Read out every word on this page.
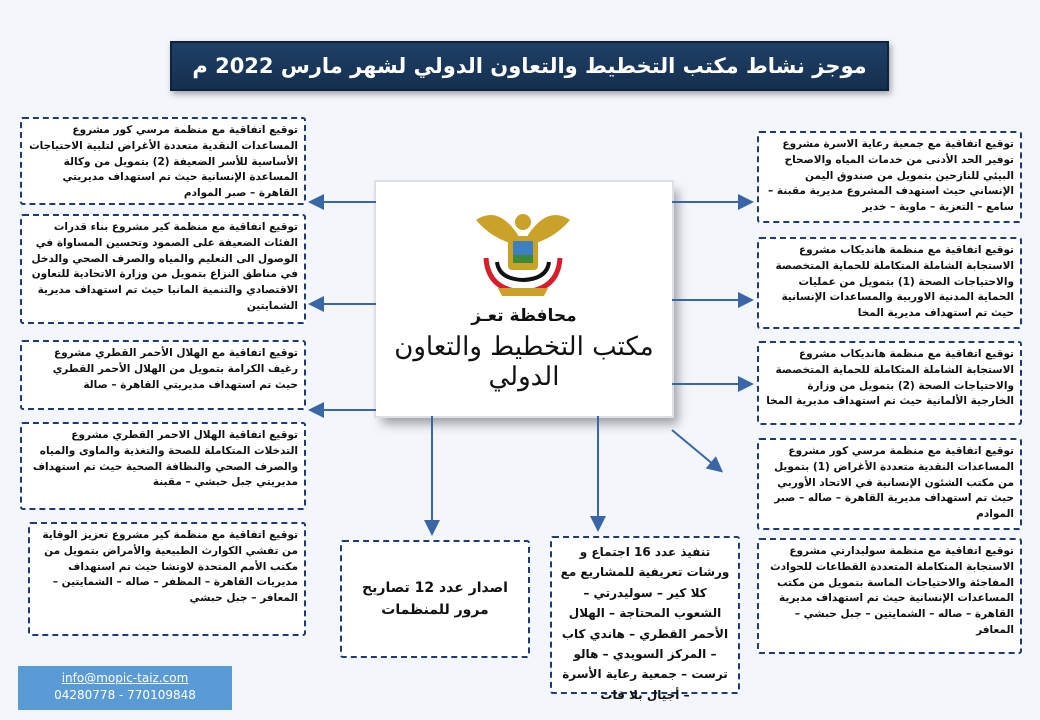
موجز نشاط مكتب التخطيط والتعاون الدولي لشهر مارس 2022 م
توقيع اتفاقية مع منظمة مرسي كور مشروع المساعدات النقدية متعددة الأغراض لتلبية الاحتياجات الأساسية للأسر الضعيفة (2) بتمويل من وكالة المساعدة الإنسانية حيث تم استهداف مديريتي القاهرة – صبر الموادم
توقيع اتفاقية مع منظمة كير مشروع بناء قدرات الفئات الضعيفة على الصمود وتحسين المساواة في الوصول الى التعليم والمياه والصرف الصحي والدخل في مناطق النزاع بتمويل من وزارة الاتحادية للتعاون الاقتصادي والتنمية المانيا حيث تم استهداف مديرية الشمايتين
توقيع اتفاقية مع الهلال الأحمر القطري مشروع رغيف الكرامة بتمويل من الهلال الأحمر القطري حيث تم استهداف مديريتي القاهرة – صالة
توقيع اتفاقية الهلال الاحمر القطري مشروع التدخلات المتكاملة للصحة والتغذية والماوى والمياه والصرف الصحي والنظافة الصحية حيث تم استهداف مديريتي جبل حبشي – مقبنة
توقيع اتفاقية مع منظمة كير مشروع تعزيز الوقاية من تفشي الكوارث الطبيعية والأمراض بتمويل من مكتب الأمم المتحدة لاوتشا حيث تم استهداف مديريات القاهرة – المظفر – صاله – الشمايتين – المعافر – جبل حبشي
توقيع اتفاقية مع جمعية رعاية الاسرة مشروع توفير الحد الأدنى من خدمات المياه والاصحاح البيئي للنازحين بتمويل من صندوق اليمن الإنساني حيث استهدف المشروع مديرية مقبنة – سامع – التعزية – ماوية – خدير
توقيع اتفاقية مع منظمة هانديكاب مشروع الاستجابة الشاملة المتكاملة للحماية المتخصصة والاحتياجات الصحة (1) بتمويل من عمليات الحماية المدنية الاوربية والمساعدات الإنسانية حيث تم استهداف مديرية المخا
توقيع اتفاقية مع منظمة هانديكاب مشروع الاستجابة الشاملة المتكاملة للحماية المتخصصة والاحتياجات الصحة (2) بتمويل من وزارة الخارجية الألمانية حيث تم استهداف مديرية المخا
توقيع اتفاقية مع منظمة مرسي كور مشروع المساعدات النقدية متعددة الأغراض (1) بتمويل من مكتب الشئون الإنسانية في الاتحاد الأوربي حيث تم استهداف مديرية القاهرة – صاله – صبر الموادم
توقيع اتفاقية مع منظمة سوليدارتي مشروع الاستجابة المتكاملة المتعددة القطاعات للحوادث المفاجئة والاحتياجات الماسة بتمويل من مكتب المساعدات الإنسانية حيث تم استهداف مديرية القاهرة – صاله – الشمايتين – جبل حبشي – المعافر
اصدار عدد 12 تصاريح مرور للمنظمات
تنفيذ عدد 16 اجتماع و ورشات تعريفية للمشاريع مع كلا كير – سوليدرتي – الشعوب المحتاجة – الهلال الأحمر القطري – هاندي كاب – المركز السويدي – هالو ترست – جمعية رعاية الأسرة – أجيال بلا قات
محافظة تعـز
مكتب التخطيط والتعاون الدولي
info@mopic-taiz.com
04280778 - 770109848
